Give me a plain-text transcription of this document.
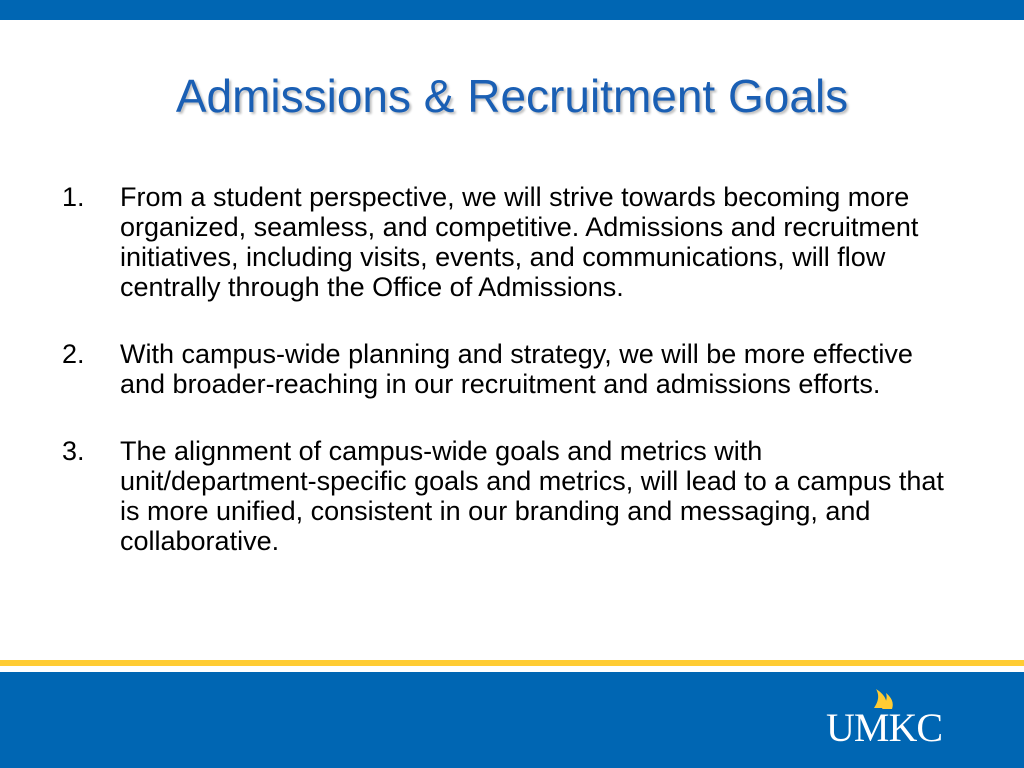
Admissions & Recruitment Goals
1. From a student perspective, we will strive towards becoming more organized, seamless, and competitive. Admissions and recruitment initiatives, including visits, events, and communications, will flow centrally through the Office of Admissions.
2. With campus-wide planning and strategy, we will be more effective and broader-reaching in our recruitment and admissions efforts.
3. The alignment of campus-wide goals and metrics with unit/department-specific goals and metrics, will lead to a campus that is more unified, consistent in our branding and messaging, and collaborative.
UMKC
